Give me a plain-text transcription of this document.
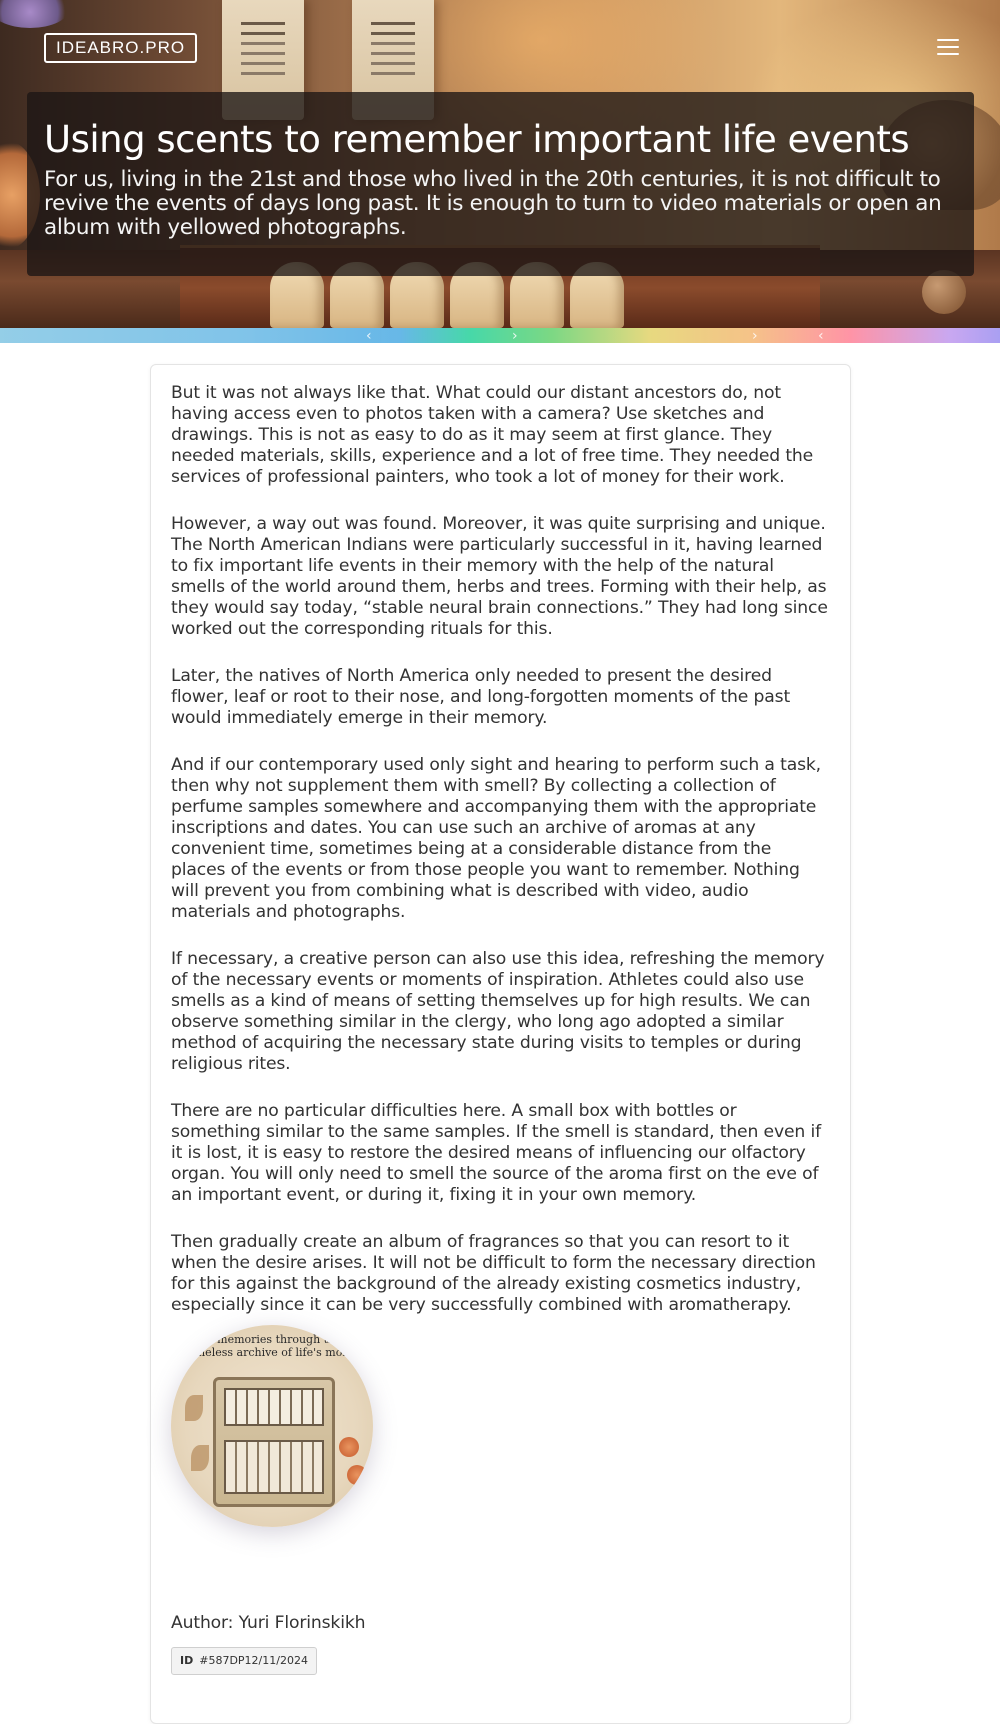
IDEABRO.PRO
Using scents to remember important life events

For us, living in the 21st and those who lived in the 20th centuries, it is not difficult to revive the events of days long past. It is enough to turn to video materials or open an album with yellowed photographs.

‹	›	›	‹

But it was not always like that. What could our distant ancestors do, not having access even to photos taken with a camera? Use sketches and drawings. This is not as easy to do as it may seem at first glance. They needed materials, skills, experience and a lot of free time. They needed the services of professional painters, who took a lot of money for their work.

However, a way out was found. Moreover, it was quite surprising and unique. The North American Indians were particularly successful in it, having learned to fix important life events in their memory with the help of the natural smells of the world around them, herbs and trees. Forming with their help, as they would say today, “stable neural brain connections.” They had long since worked out the corresponding rituals for this.

Later, the natives of North America only needed to present the desired flower, leaf or root to their nose, and long-forgotten moments of the past would immediately emerge in their memory.

And if our contemporary used only sight and hearing to perform such a task, then why not supplement them with smell? By collecting a collection of perfume samples somewhere and accompanying them with the appropriate inscriptions and dates. You can use such an archive of aromas at any convenient time, sometimes being at a considerable distance from the places of the events or from those people you want to remember. Nothing will prevent you from combining what is described with video, audio materials and photographs.

If necessary, a creative person can also use this idea, refreshing the memory of the necessary events or moments of inspiration. Athletes could also use smells as a kind of means of setting themselves up for high results. We can observe something similar in the clergy, who long ago adopted a similar method of acquiring the necessary state during visits to temples or during religious rites.

There are no particular difficulties here. A small box with bottles or something similar to the same samples. If the smell is standard, then even if it is lost, it is easy to restore the desired means of influencing our olfactory organ. You will only need to smell the source of the aroma first on the eve of an important event, or during it, fixing it in your own memory.

Then gradually create an album of fragrances so that you can resort to it when the desire arises. It will not be difficult to form the necessary direction for this against the background of the already existing cosmetics industry, especially since it can be very successfully combined with aromatherapy.

e memories through tir
imeless archive of life's mom

Author: Yuri Florinskikh

ID #587DP12/11/2024
